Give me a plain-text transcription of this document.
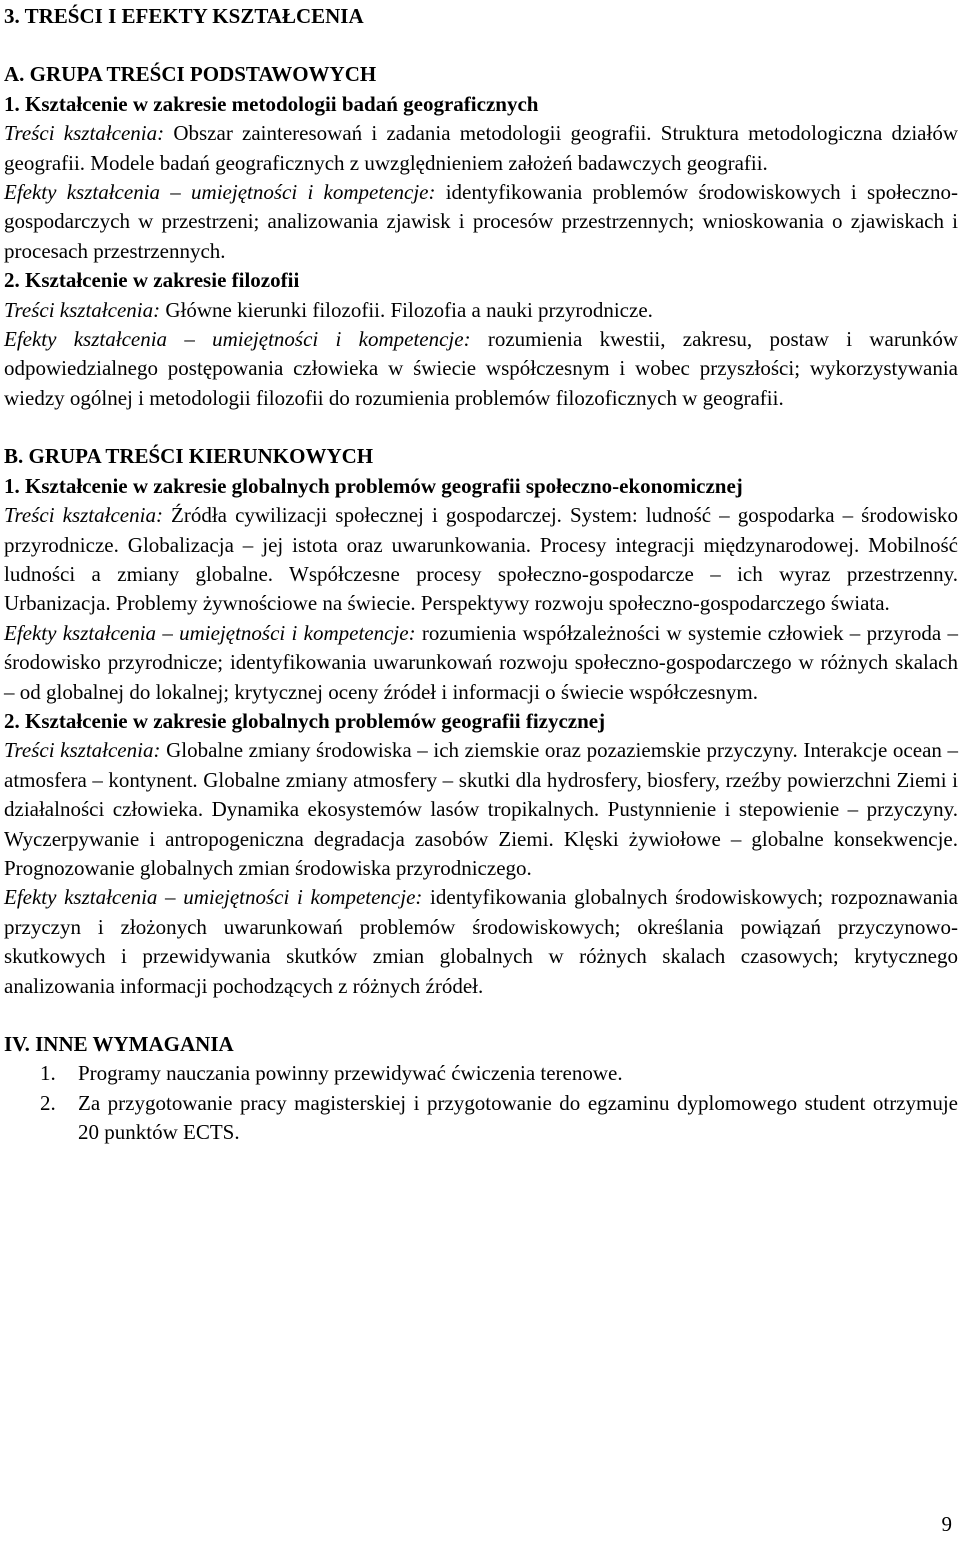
3. TREŚCI I EFEKTY KSZTAŁCENIA
A. GRUPA TREŚCI PODSTAWOWYCH
1. Kształcenie w zakresie metodologii badań geograficznych

Treści kształcenia: Obszar zainteresowań i zadania metodologii geografii. Struktura metodologiczna działów geografii. Modele badań geograficznych z uwzględnieniem założeń badawczych geografii.

Efekty kształcenia – umiejętności i kompetencje: identyfikowania problemów środowiskowych i społeczno-gospodarczych w przestrzeni; analizowania zjawisk i procesów przestrzennych; wnioskowania o zjawiskach i procesach przestrzennych.

2. Kształcenie w zakresie filozofii

Treści kształcenia: Główne kierunki filozofii. Filozofia a nauki przyrodnicze.

Efekty kształcenia – umiejętności i kompetencje: rozumienia kwestii, zakresu, postaw i warunków odpowiedzialnego postępowania człowieka w świecie współczesnym i wobec przyszłości; wykorzystywania wiedzy ogólnej i metodologii filozofii do rozumienia problemów filozoficznych w geografii.

B. GRUPA TREŚCI KIERUNKOWYCH
1. Kształcenie w zakresie globalnych problemów geografii społeczno-ekonomicznej

Treści kształcenia: Źródła cywilizacji społecznej i gospodarczej. System: ludność – gospodarka – środowisko przyrodnicze. Globalizacja – jej istota oraz uwarunkowania. Procesy integracji międzynarodowej. Mobilność ludności a zmiany globalne. Współczesne procesy społeczno-gospodarcze – ich wyraz przestrzenny. Urbanizacja. Problemy żywnościowe na świecie. Perspektywy rozwoju społeczno-gospodarczego świata.

Efekty kształcenia – umiejętności i kompetencje: rozumienia współzależności w systemie człowiek – przyroda – środowisko przyrodnicze; identyfikowania uwarunkowań rozwoju społeczno-gospodarczego w różnych skalach – od globalnej do lokalnej; krytycznej oceny źródeł i informacji o świecie współczesnym.

2. Kształcenie w zakresie globalnych problemów geografii fizycznej

Treści kształcenia: Globalne zmiany środowiska – ich ziemskie oraz pozaziemskie przyczyny. Interakcje ocean – atmosfera – kontynent. Globalne zmiany atmosfery – skutki dla hydrosfery, biosfery, rzeźby powierzchni Ziemi i działalności człowieka. Dynamika ekosystemów lasów tropikalnych. Pustynnienie i stepowienie – przyczyny. Wyczerpywanie i antropogeniczna degradacja zasobów Ziemi. Klęski żywiołowe – globalne konsekwencje. Prognozowanie globalnych zmian środowiska przyrodniczego.

Efekty kształcenia – umiejętności i kompetencje: identyfikowania globalnych środowiskowych; rozpoznawania przyczyn i złożonych uwarunkowań problemów środowiskowych; określania powiązań przyczynowo-skutkowych i przewidywania skutków zmian globalnych w różnych skalach czasowych; krytycznego analizowania informacji pochodzących z różnych źródeł.

IV. INNE WYMAGANIA
1. Programy nauczania powinny przewidywać ćwiczenia terenowe.
2. Za przygotowanie pracy magisterskiej i przygotowanie do egzaminu dyplomowego student otrzymuje 20 punktów ECTS.
9
